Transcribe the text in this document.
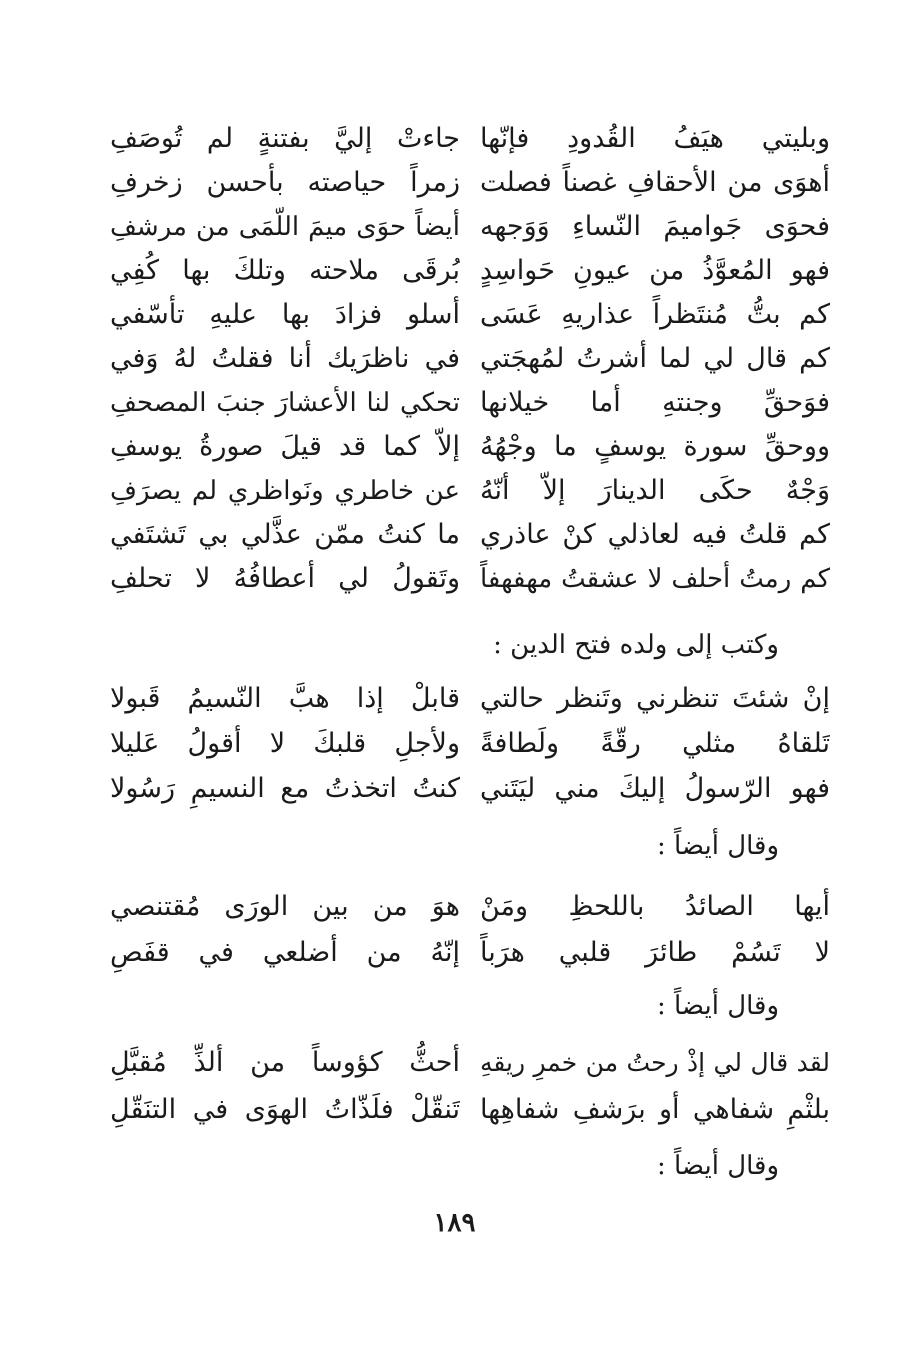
وبليتي هيَفُ القُدودِ فإنّها
جاءتْ إليَّ بفتنةٍ لم تُوصَفِ
أهوَى من الأحقافِ غصناً فصلت
زمراً حياصته بأحسن زخرفِ
فحوَى جَواميمَ النّساءِ وَوَجهه
أيضاً حوَى ميمَ اللّمَى من مرشفِ
فهو المُعوَّذُ من عيونِ حَواسِدٍ
بُرقَى ملاحته وتلكَ بها كُفِي
كم بتُّ مُنتَظراً عذاريهِ عَسَى
أسلو فزادَ بها عليهِ تأسّفي
كم قال لي لما أشرتُ لمُهجَتي
في ناظرَيك أنا فقلتُ لهُ وَفي
فوَحقِّ وجنتهِ أما خيلانها
تحكي لنا الأعشارَ جنبَ المصحفِ
ووحقِّ سورة يوسفٍ ما وجْهُهُ
إلاّ كما قد قيلَ صورةُ يوسفِ
وَجْهٌ حكَى الدينارَ إلاّ أنّهُ
عن خاطري ونَواظري لم يصرَفِ
كم قلتُ فيه لعاذلي كنْ عاذري
ما كنتُ ممّن عذَّلي بي تَشتَفي
كم رمتُ أحلف لا عشقتُ مهفهفاً
وتَقولُ لي أعطافُهُ لا تحلفِ
وكتب إلى ولده فتح الدين :
إنْ شئتَ تنظرني وتَنظر حالتي
قابلْ إذا هبَّ النّسيمُ قَبولا
تَلقاهُ مثلي رقّةً ولَطافةً
ولأجلِ قلبكَ لا أقولُ عَليلا
فهو الرّسولُ إليكَ مني ليَتَني
كنتُ اتخذتُ مع النسيمِ رَسُولا
وقال أيضاً :
أيها الصائدُ باللحظِ ومَنْ
هوَ من بين الورَى مُقتنصي
لا تَسُمْ طائرَ قلبي هرَباً
إنّهُ من أضلعي في قفَصِ
وقال أيضاً :
لقد قال لي إذْ رحتُ من خمرِ ريقهِ
أحثُّ كؤوساً من ألذِّ مُقبَّلِ
بلثْمِ شفاهي أو برَشفِ شفاهِها
تَنقّلْ فلَذّاتُ الهوَى في التنَقّلِ
وقال أيضاً :
١٨٩
